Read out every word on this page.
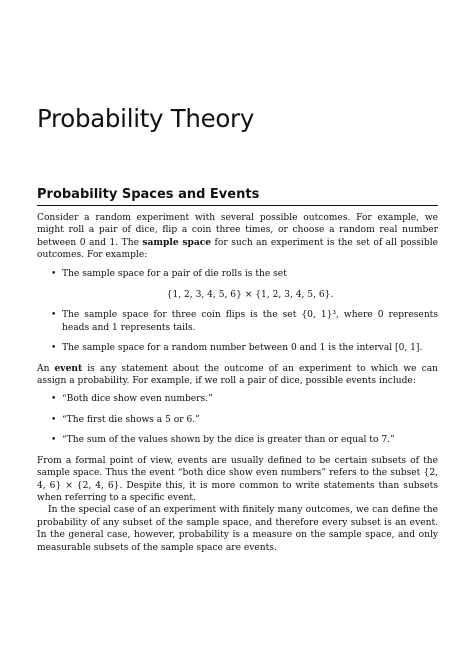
Probability Theory
Probability Spaces and Events

Consider a random experiment with several possible outcomes. For example, we might roll a pair of dice, flip a coin three times, or choose a random real number between 0 and 1. The sample space for such an experiment is the set of all possible outcomes. For example:

• The sample space for a pair of die rolls is the set
{1, 2, 3, 4, 5, 6} × {1, 2, 3, 4, 5, 6}.
• The sample space for three coin flips is the set {0, 1}³, where 0 represents heads and 1 represents tails.
• The sample space for a random number between 0 and 1 is the interval [0, 1].

An event is any statement about the outcome of an experiment to which we can assign a probability. For example, if we roll a pair of dice, possible events include:

• “Both dice show even numbers.”
• “The first die shows a 5 or 6.”
• “The sum of the values shown by the dice is greater than or equal to 7.”

From a formal point of view, events are usually defined to be certain subsets of the sample space. Thus the event “both dice show even numbers” refers to the subset {2, 4, 6} × {2, 4, 6}. Despite this, it is more common to write statements than subsets when referring to a specific event.

In the special case of an experiment with finitely many outcomes, we can define the probability of any subset of the sample space, and therefore every subset is an event. In the general case, however, probability is a measure on the sample space, and only measurable subsets of the sample space are events.
